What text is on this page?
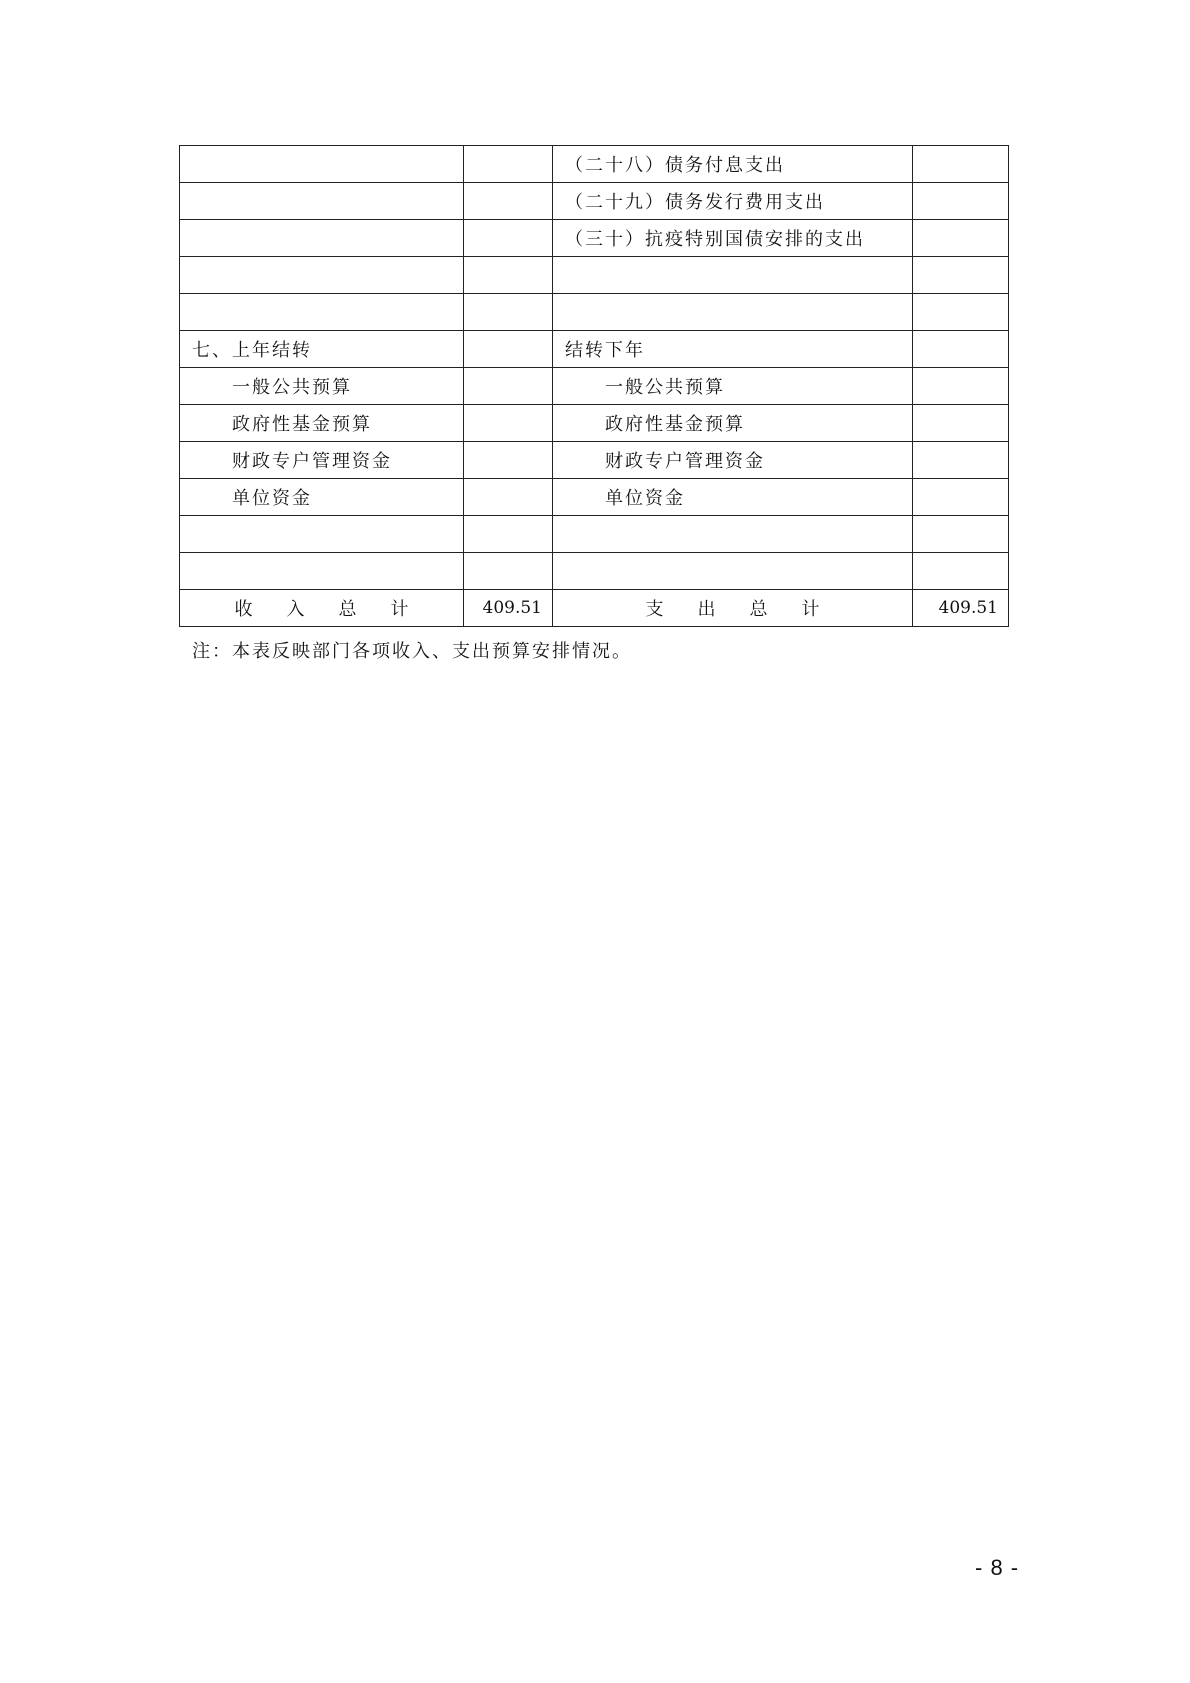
		（二十八）债务付息支出	
		（二十九）债务发行费用支出	
		（三十）抗疫特别国债安排的支出	

七、上年结转		结转下年	
一般公共预算		一般公共预算	
政府性基金预算		政府性基金预算	
财政专户管理资金		财政专户管理资金	
单位资金		单位资金	

收 入 总 计	409.51	支 出 总 计	409.51
注：本表反映部门各项收入、支出预算安排情况。
- 8 -
